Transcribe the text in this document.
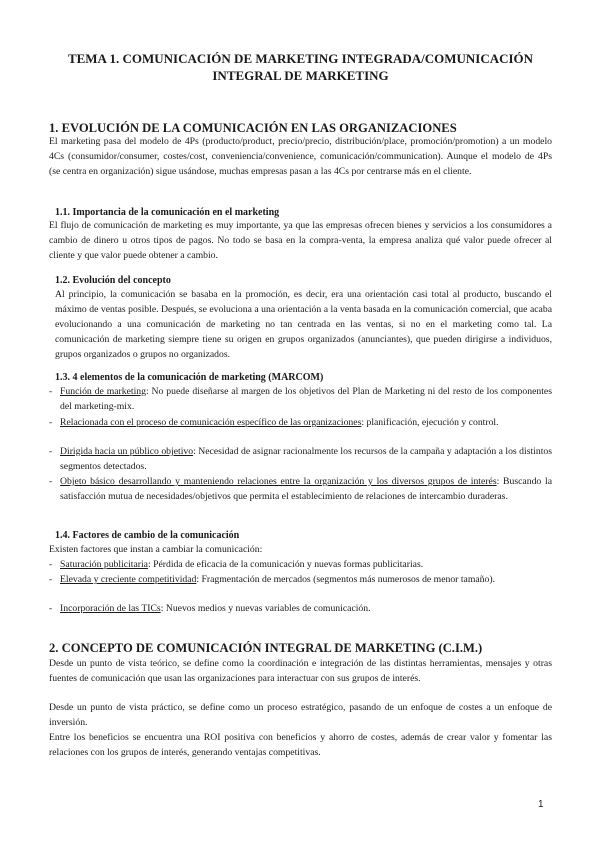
TEMA 1. COMUNICACIÓN DE MARKETING INTEGRADA/COMUNICACIÓN
INTEGRAL DE MARKETING
1. EVOLUCIÓN DE LA COMUNICACIÓN EN LAS ORGANIZACIONES
El marketing pasa del modelo de 4Ps (producto/product, precio/precio, distribución/place, promoción/promotion) a un modelo 4Cs (consumidor/consumer, costes/cost, conveniencia/convenience, comunicación/communication). Aunque el modelo de 4Ps (se centra en organización) sigue usándose, muchas empresas pasan a las 4Cs por centrarse más en el cliente.
1.1. Importancia de la comunicación en el marketing
El flujo de comunicación de marketing es muy importante, ya que las empresas ofrecen bienes y servicios a los consumidores a cambio de dinero u otros tipos de pagos. No todo se basa en la compra-venta, la empresa analiza qué valor puede ofrecer al cliente y que valor puede obtener a cambio.
1.2. Evolución del concepto
Al principio, la comunicación se basaba en la promoción, es decir, era una orientación casi total al producto, buscando el máximo de ventas posible. Después, se evoluciona a una orientación a la venta basada en la comunicación comercial, que acaba evolucionando a una comunicación de marketing no tan centrada en las ventas, si no en el marketing como tal. La comunicación de marketing siempre tiene su origen en grupos organizados (anunciantes), que pueden dirigirse a individuos, grupos organizados o grupos no organizados.
1.3. 4 elementos de la comunicación de marketing (MARCOM)
- Función de marketing: No puede diseñarse al margen de los objetivos del Plan de Marketing ni del resto de los componentes del marketing-mix.
- Relacionada con el proceso de comunicación específico de las organizaciones: planificación, ejecución y control.
- Dirigida hacia un público objetivo: Necesidad de asignar racionalmente los recursos de la campaña y adaptación a los distintos segmentos detectados.
- Objeto básico desarrollando y manteniendo relaciones entre la organización y los diversos grupos de interés: Buscando la satisfacción mutua de necesidades/objetivos que permita el establecimiento de relaciones de intercambio duraderas.
1.4. Factores de cambio de la comunicación
Existen factores que instan a cambiar la comunicación:
- Saturación publicitaria: Pérdida de eficacia de la comunicación y nuevas formas publicitarias.
- Elevada y creciente competitividad: Fragmentación de mercados (segmentos más numerosos de menor tamaño).
- Incorporación de las TICs: Nuevos medios y nuevas variables de comunicación.
2. CONCEPTO DE COMUNICACIÓN INTEGRAL DE MARKETING (C.I.M.)
Desde un punto de vista teórico, se define como la coordinación e integración de las distintas herramientas, mensajes y otras fuentes de comunicación que usan las organizaciones para interactuar con sus grupos de interés.
Desde un punto de vista práctico, se define como un proceso estratégico, pasando de un enfoque de costes a un enfoque de inversión.
Entre los beneficios se encuentra una ROI positiva con beneficios y ahorro de costes, además de crear valor y fomentar las relaciones con los grupos de interés, generando ventajas competitivas.
1
